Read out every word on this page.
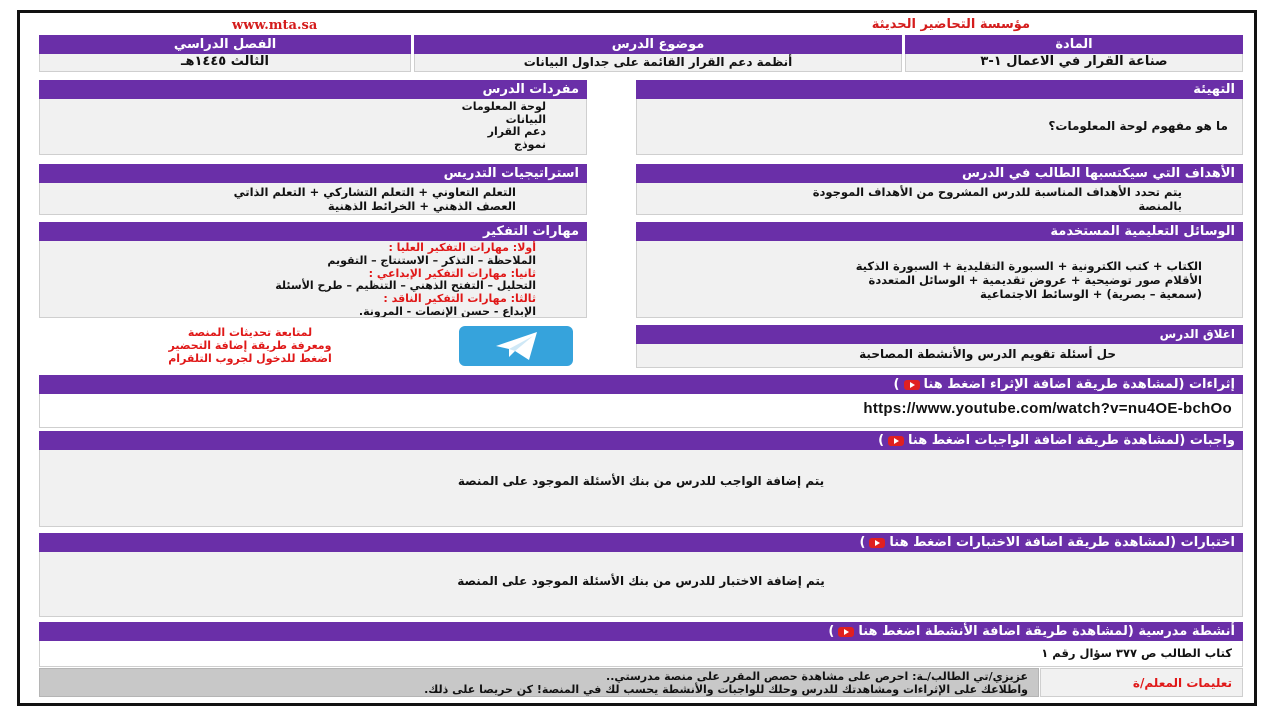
www.mta.sa	مؤسسة التحاضير الحديثة
الفصل الدراسي	موضوع الدرس	المادة
الثالث ١٤٤٥هـ	أنظمة دعم القرار القائمة على جداول البيانات	صناعة القرار في الاعمال ١-٣
مفردات الدرس
لوحة المعلومات
البيانات
دعم القرار
نموذج
التهيئة
ما هو مفهوم لوحة المعلومات؟
استراتيجيات التدريس
التعلم التعاوني + التعلم التشاركي + التعلم الذاتي
العصف الذهني + الخرائط الذهنية
الأهداف التي سيكتسبها الطالب في الدرس
يتم تحدد الأهداف المناسبة للدرس المشروح من الأهداف الموجودة
بالمنصة
مهارات التفكير
أولا: مهارات التفكير العليا :
الملاحظة – التذكر – الاستنتاج – التقويم
ثانيا: مهارات التفكير الإبداعي :
التحليل – التفتح الذهني – التنظيم – طرح الأسئلة
ثالثا: مهارات التفكير الناقد :
الإبداع - حسن الإنصات - المرونة.
الوسائل التعليمية المستخدمة
الكتاب + كتب الكترونية + السبورة التقليدية + السبورة الذكية
الأقلام صور توضيحية + عروض تقديمية + الوسائل المتعددة
(سمعية – بصرية) + الوسائط الاجتماعية
لمتابعة تحديثات المنصة
ومعرفة طريقة إضافة التحضير
اضغط للدخول لجروب التلقرام
اغلاق الدرس
حل أسئلة تقويم الدرس والأنشطة المصاحبة
إثراءات (لمشاهدة طريقة اضافة الإثراء اضغط هنا)
https://www.youtube.com/watch?v=nu4OE-bchOo
واجبات (لمشاهدة طريقة اضافة الواجبات اضغط هنا)
يتم إضافة الواجب للدرس من بنك الأسئلة الموجود على المنصة
اختبارات (لمشاهدة طريقة اضافة الاختبارات اضغط هنا)
يتم إضافة الاختبار للدرس من بنك الأسئلة الموجود على المنصة
أنشطة مدرسية (لمشاهدة طريقة اضافة الأنشطة اضغط هنا)
كتاب الطالب ص ٣٧٧ سؤال رقم ١
تعليمات المعلم/ة
عزيزي/تي الطالب/ـة: احرص على مشاهدة حصص المقرر على منصة مدرستي..
واطلاعك على الإثراءات ومشاهدتك للدرس وحلك للواجبات والأنشطة يحسب لك في المنصة! كن حريصا على ذلك.
